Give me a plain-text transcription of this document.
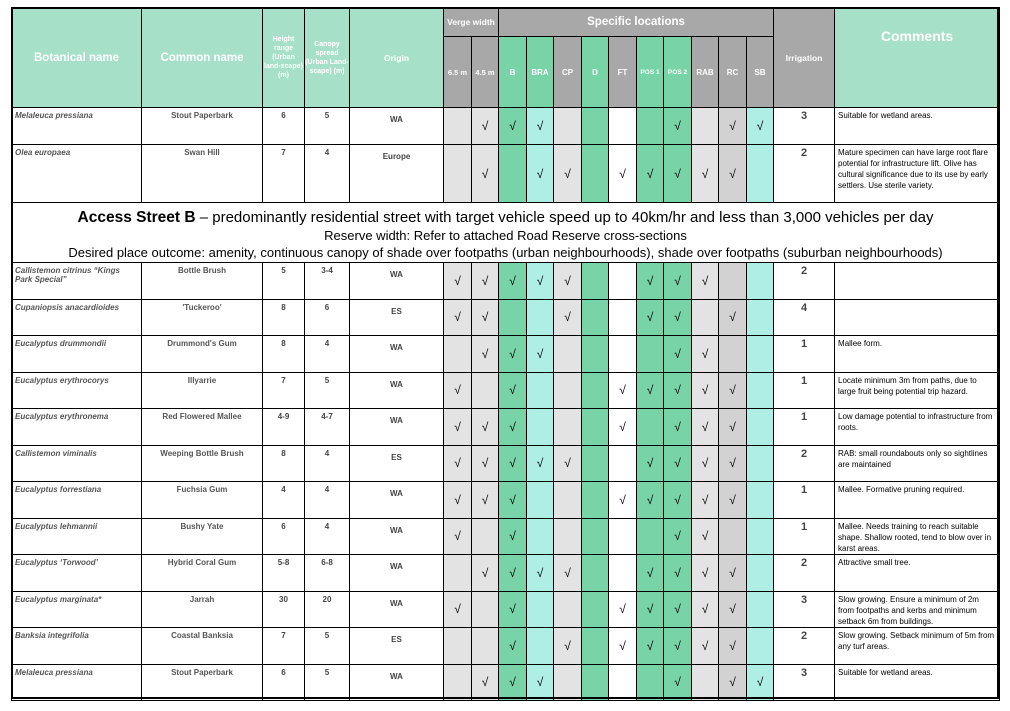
Botanical name	Common name	Height range (Urban land-scape) (m)	Canopy spread (Urban Land-scape) (m)	Origin	Verge width		Specific locations										Irrigation	Comments
					6.5 m	4.5 m	B	BRA	CP	D	FT	POS 1	POS 2	RAB	RC	SB		
Melaleuca pressiana	Stout Paperbark	6	5	WA		√	√	√					√		√	√	3	Suitable for wetland areas.
Olea europaea	Swan Hill	7	4	Europe		√		√	√		√	√	√	√	√		2	Mature specimen can have large root flare potential for infrastructure lift. Olive has cultural significance due to its use by early settlers. Use sterile variety.

Access Street B – predominantly residential street with target vehicle speed up to 40km/hr and less than 3,000 vehicles per day
Reserve width: Refer to attached Road Reserve cross-sections
Desired place outcome: amenity, continuous canopy of shade over footpaths (urban neighbourhoods), shade over footpaths (suburban neighbourhoods)																		

Callistemon citrinus “Kings Park Special”	Bottle Brush	5	3-4	WA	√	√	√	√	√			√	√	√			2	
Cupaniopsis anacardioides	'Tuckeroo'	8	6	ES	√	√			√			√	√		√		4	
Eucalyptus drummondii	Drummond's Gum	8	4	WA		√	√	√					√	√			1	Mallee form.
Eucalyptus erythrocorys	Illyarrie	7	5	WA	√		√				√	√	√	√	√		1	Locate minimum 3m from paths, due to large fruit being potential trip hazard.
Eucalyptus erythronema	Red Flowered Mallee	4-9	4-7	WA	√	√	√				√		√	√	√		1	Low damage potential to infrastructure from roots.
Callistemon viminalis	Weeping Bottle Brush	8	4	ES	√	√	√	√	√			√	√	√	√		2	RAB: small roundabouts only so sightlines are maintained
Eucalyptus forrestiana	Fuchsia Gum	4	4	WA	√	√	√				√	√	√	√	√		1	Mallee. Formative pruning required.
Eucalyptus lehmannii	Bushy Yate	6	4	WA	√		√						√	√			1	Mallee. Needs training to reach suitable shape. Shallow rooted, tend to blow over in karst areas.
Eucalyptus ‘Torwood’	Hybrid Coral Gum	5-8	6-8	WA		√	√	√	√			√	√	√	√		2	Attractive small tree.
Eucalyptus marginata*	Jarrah	30	20	WA	√		√				√	√	√	√	√		3	Slow growing. Ensure a minimum of 2m from footpaths and kerbs and minimum setback 6m from buildings.
Banksia integrifolia	Coastal Banksia	7	5	ES			√		√		√	√	√	√	√		2	Slow growing. Setback minimum of 5m from any turf areas.
Melaleuca pressiana	Stout Paperbark	6	5	WA		√	√	√					√		√	√	3	Suitable for wetland areas.
